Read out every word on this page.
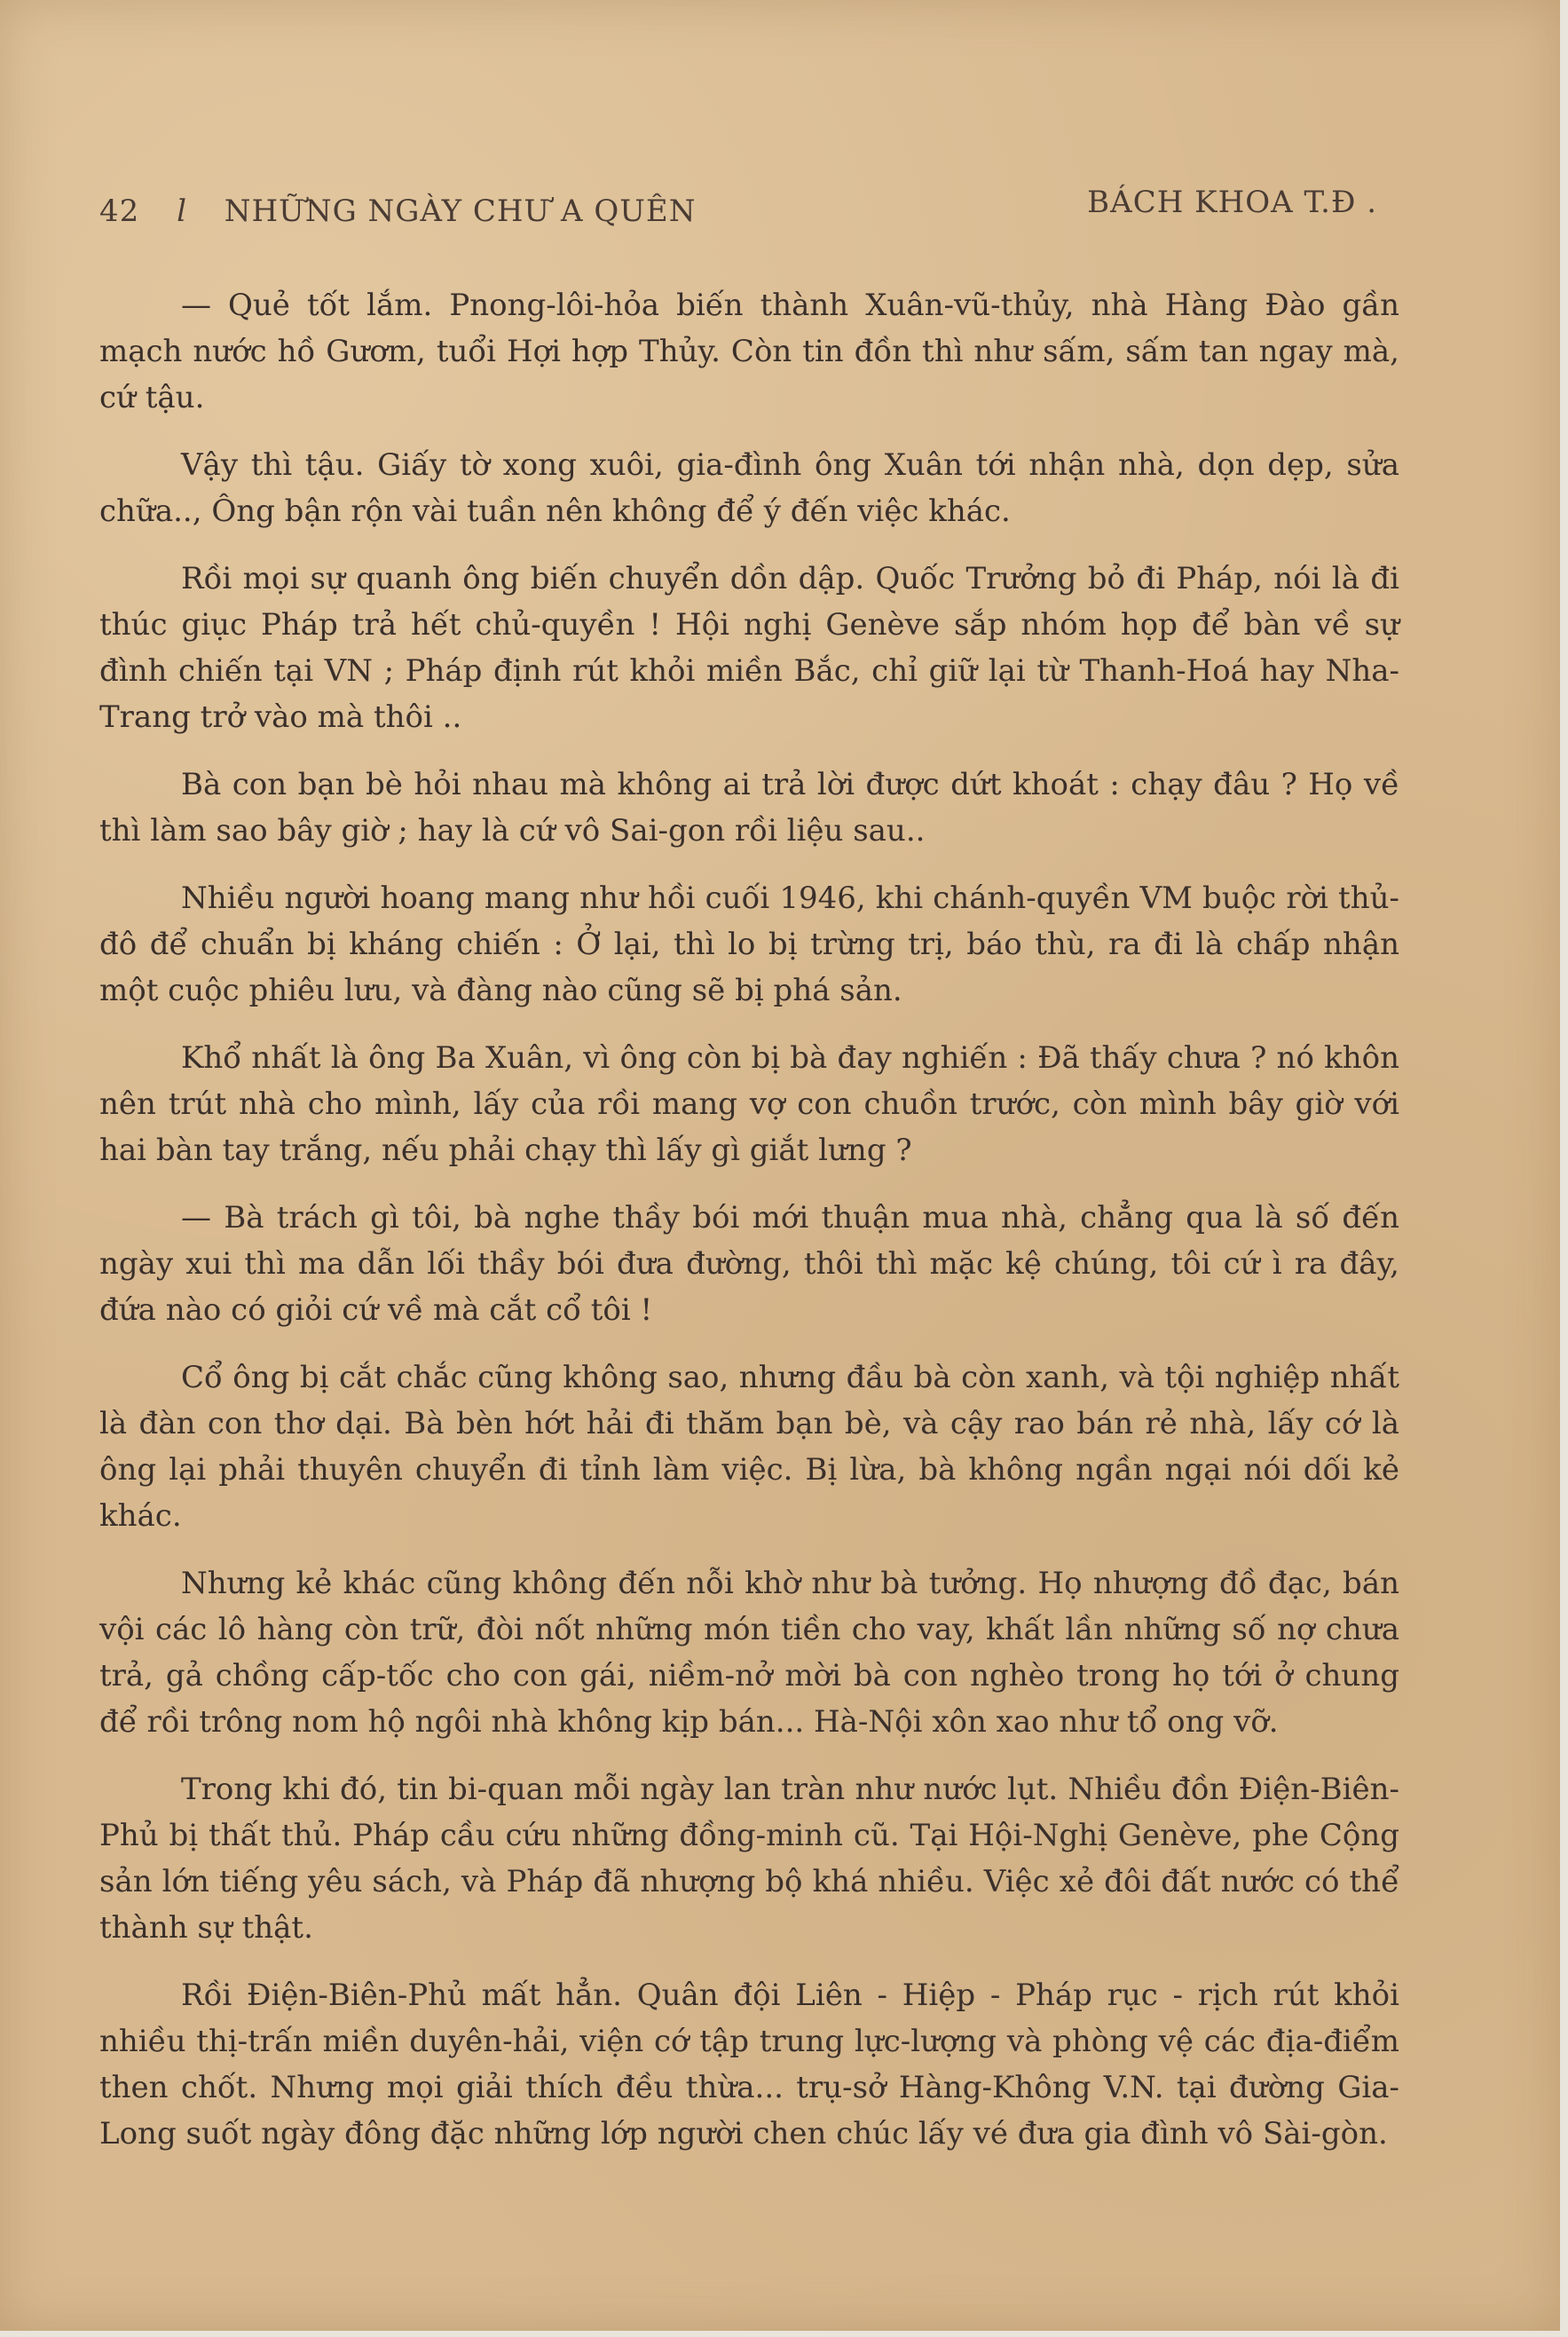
42 l NHỮNG NGÀY CHƯ A QUÊN	BÁCH KHOA T.Đ .

— Quẻ tốt lắm. Pnong-lôi-hỏa biến thành Xuân-vũ-thủy, nhà Hàng Đào gần mạch nước hồ Gươm, tuổi Hợi hợp Thủy. Còn tin đồn thì như sấm, sấm tan ngay mà, cứ tậu.

Vậy thì tậu. Giấy tờ xong xuôi, gia-đình ông Xuân tới nhận nhà, dọn dẹp, sửa chữa.., Ông bận rộn vài tuần nên không để ý đến việc khác.

Rồi mọi sự quanh ông biến chuyển dồn dập. Quốc Trưởng bỏ đi Pháp, nói là đi thúc giục Pháp trả hết chủ-quyền ! Hội nghị Genève sắp nhóm họp để bàn về sự đình chiến tại VN ; Pháp định rút khỏi miền Bắc, chỉ giữ lại từ Thanh-Hoá hay Nha-Trang trở vào mà thôi ..

Bà con bạn bè hỏi nhau mà không ai trả lời được dứt khoát : chạy đâu ? Họ về thì làm sao bây giờ ; hay là cứ vô Sai-gon rồi liệu sau..

Nhiều người hoang mang như hồi cuối 1946, khi chánh-quyền VM buộc rời thủ-đô để chuẩn bị kháng chiến : Ở lại, thì lo bị trừng trị, báo thù, ra đi là chấp nhận một cuộc phiêu lưu, và đàng nào cũng sẽ bị phá sản.

Khổ nhất là ông Ba Xuân, vì ông còn bị bà đay nghiến : Đã thấy chưa ? nó khôn nên trút nhà cho mình, lấy của rồi mang vợ con chuồn trước, còn mình bây giờ với hai bàn tay trắng, nếu phải chạy thì lấy gì giắt lưng ?

— Bà trách gì tôi, bà nghe thầy bói mới thuận mua nhà, chẳng qua là số đến ngày xui thì ma dẫn lối thầy bói đưa đường, thôi thì mặc kệ chúng, tôi cứ ì ra đây, đứa nào có giỏi cứ về mà cắt cổ tôi !

Cổ ông bị cắt chắc cũng không sao, nhưng đầu bà còn xanh, và tội nghiệp nhất là đàn con thơ dại. Bà bèn hớt hải đi thăm bạn bè, và cậy rao bán rẻ nhà, lấy cớ là ông lại phải thuyên chuyển đi tỉnh làm việc. Bị lừa, bà không ngần ngại nói dối kẻ khác.

Nhưng kẻ khác cũng không đến nỗi khờ như bà tưởng. Họ nhượng đồ đạc, bán vội các lô hàng còn trữ, đòi nốt những món tiền cho vay, khất lần những số nợ chưa trả, gả chồng cấp-tốc cho con gái, niềm-nở mời bà con nghèo trong họ tới ở chung để rồi trông nom hộ ngôi nhà không kịp bán... Hà-Nội xôn xao như tổ ong vỡ.

Trong khi đó, tin bi-quan mỗi ngày lan tràn như nước lụt. Nhiều đồn Điện-Biên-Phủ bị thất thủ. Pháp cầu cứu những đồng-minh cũ. Tại Hội-Nghị Genève, phe Cộng sản lớn tiếng yêu sách, và Pháp đã nhượng bộ khá nhiều. Việc xẻ đôi đất nước có thể thành sự thật.

Rồi Điện-Biên-Phủ mất hẳn. Quân đội Liên - Hiệp - Pháp rục - rịch rút khỏi nhiều thị-trấn miền duyên-hải, viện cớ tập trung lực-lượng và phòng vệ các địa-điểm then chốt. Nhưng mọi giải thích đều thừa... trụ-sở Hàng-Không V.N. tại đường Gia-Long suốt ngày đông đặc những lớp người chen chúc lấy vé đưa gia đình vô Sài-gòn.
